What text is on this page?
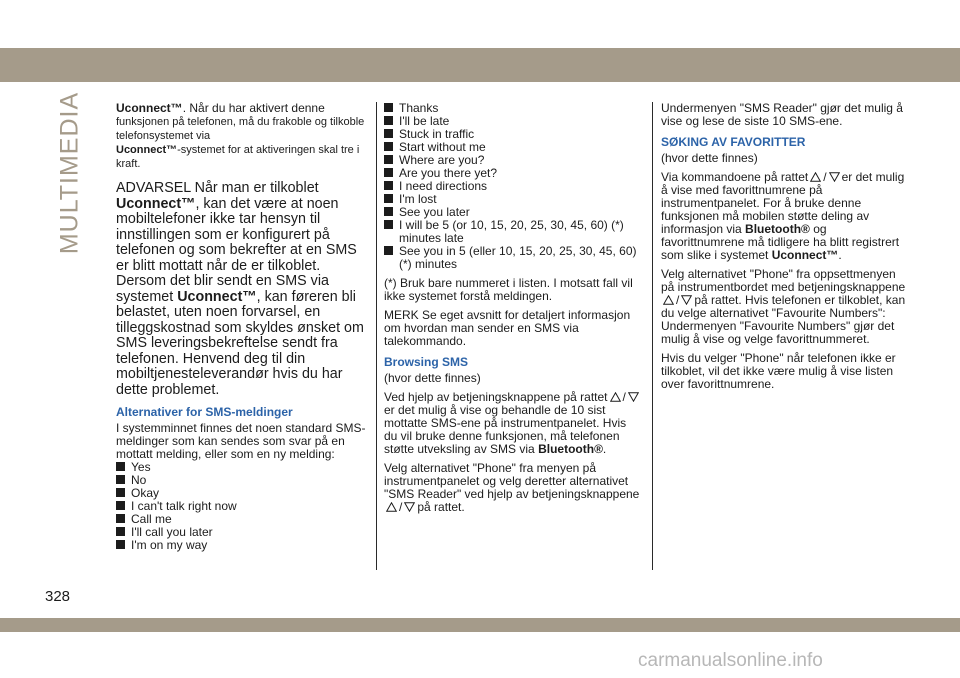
MULTIMEDIA	Uconnect™. Når du har aktivert denne
funksjonen på telefonen, må du frakoble og tilkoble telefonsystemet via
Uconnect™-systemet for at aktiveringen skal tre i kraft.

ADVARSEL Når man er tilkoblet
Uconnect™, kan det være at noen mobiltelefoner ikke tar hensyn til innstillingen som er konfigurert på telefonen og som bekrefter at en SMS er blitt mottatt når de er tilkoblet. Dersom det blir sendt en SMS via systemet Uconnect™, kan føreren bli belastet, uten noen forvarsel, en tilleggskostnad som skyldes ønsket om SMS leveringsbekreftelse sendt fra telefonen. Henvend deg til din mobiltjenesteleverandør hvis du har dette problemet.

Alternativer for SMS-meldinger

I systemminnet finnes det noen standard SMS-meldinger som kan sendes som svar på en mottatt melding, eller som en ny melding:

Yes
No
Okay
I can't talk right now
Call me
I'll call you later
I'm on my way
Thanks
I'll be late
Stuck in traffic
Start without me
Where are you?
Are you there yet?
I need directions
I'm lost
See you later
I will be 5 (or 10, 15, 20, 25, 30, 45, 60) (*) minutes late
See you in 5 (eller 10, 15, 20, 25, 30, 45, 60) (*) minutes

(*) Bruk bare nummeret i listen. I motsatt fall vil ikke systemet forstå meldingen.

MERK Se eget avsnitt for detaljert informasjon om hvordan man sender en SMS via talekommando.

Browsing SMS

(hvor dette finnes)

Ved hjelp av betjeningsknappene på rattet /er det mulig å vise og behandle de 10 sist mottatte SMS-ene på instrumentpanelet. Hvis du vil bruke denne funksjonen, må telefonen støtte utveksling av SMS via Bluetooth®.

Velg alternativet "Phone" fra menyen på instrumentpanelet og velg deretter alternativet "SMS Reader" ved hjelp av betjeningsknappene/ på rattet.

Undermenyen "SMS Reader" gjør det mulig å vise og lese de siste 10 SMS-ene.

SØKING AV FAVORITTER

(hvor dette finnes)

Via kommandoene på rattet / er det mulig å vise med favorittnumrene på instrumentpanelet. For å bruke denne funksjonen må mobilen støtte deling av informasjon via Bluetooth® og favorittnumrene må tidligere ha blitt registrert som slike i systemet Uconnect™.

Velg alternativet "Phone" fra oppsettmenyen på instrumentbordet med betjeningsknappene/ på rattet. Hvis telefonen er tilkoblet, kan du velge alternativet "Favourite Numbers": Undermenyen "Favourite Numbers" gjør det mulig å vise og velge favorittnummeret.

Hvis du velger "Phone" når telefonen ikke er tilkoblet, vil det ikke være mulig å vise listen over favorittnumrene.

328
carmanualsonline.info
